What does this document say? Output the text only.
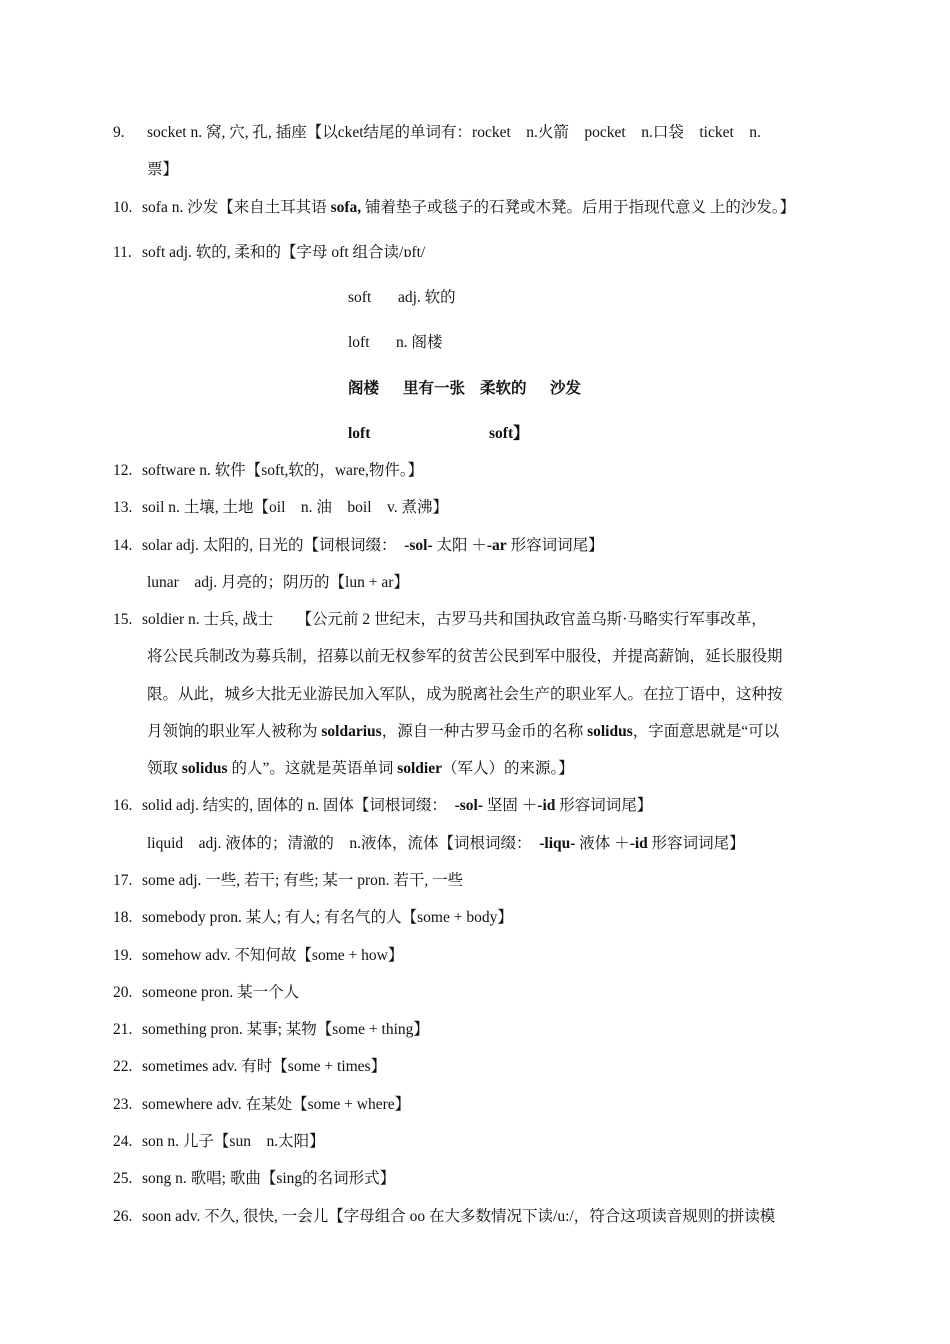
9. socket n. 窝, 穴, 孔, 插座【以cket结尾的单词有：rocket　n.火箭　pocket　n.口袋　ticket　n.
票】
10. sofa n. 沙发【来自土耳其语 sofa, 铺着垫子或毯子的石凳或木凳。后用于指现代意义 上的沙发。】
11. soft adj. 软的, 柔和的【字母 oft 组合读/ɒft/
soft adj. 软的
loft n. 阁楼
阁楼 里有一张 柔软的 沙发
loft	soft】
12. software n. 软件【soft,软的，ware,物件。】
13. soil n. 土壤, 土地【oil　n. 油　boil　v. 煮沸】
14. solar adj. 太阳的, 日光的【词根词缀：　-sol- 太阳 ＋-ar 形容词词尾】
lunar　adj. 月亮的；阴历的【lun + ar】
15. soldier n. 士兵, 战士　　【公元前 2 世纪末，古罗马共和国执政官盖乌斯·马略实行军事改革，
将公民兵制改为募兵制，招募以前无权参军的贫苦公民到军中服役，并提高薪饷，延长服役期
限。从此，城乡大批无业游民加入军队，成为脱离社会生产的职业军人。在拉丁语中，这种按
月领饷的职业军人被称为 soldarius，源自一种古罗马金币的名称 solidus，字面意思就是“可以
领取 solidus 的人”。这就是英语单词 soldier（军人）的来源。】
16. solid adj. 结实的, 固体的 n. 固体【词根词缀：　-sol- 坚固 ＋-id 形容词词尾】
liquid　adj. 液体的；清澈的　n.液体，流体【词根词缀：　-liqu- 液体 ＋-id 形容词词尾】
17. some adj. 一些, 若干; 有些; 某一 pron. 若干, 一些
18. somebody pron. 某人; 有人; 有名气的人【some + body】
19. somehow adv. 不知何故【some + how】
20. someone pron. 某一个人
21. something pron. 某事; 某物【some + thing】
22. sometimes adv. 有时【some + times】
23. somewhere adv. 在某处【some + where】
24. son n. 儿子【sun　n.太阳】
25. song n. 歌唱; 歌曲【sing的名词形式】
26. soon adv. 不久, 很快, 一会儿【字母组合 oo 在大多数情况下读/u:/，符合这项读音规则的拼读模
